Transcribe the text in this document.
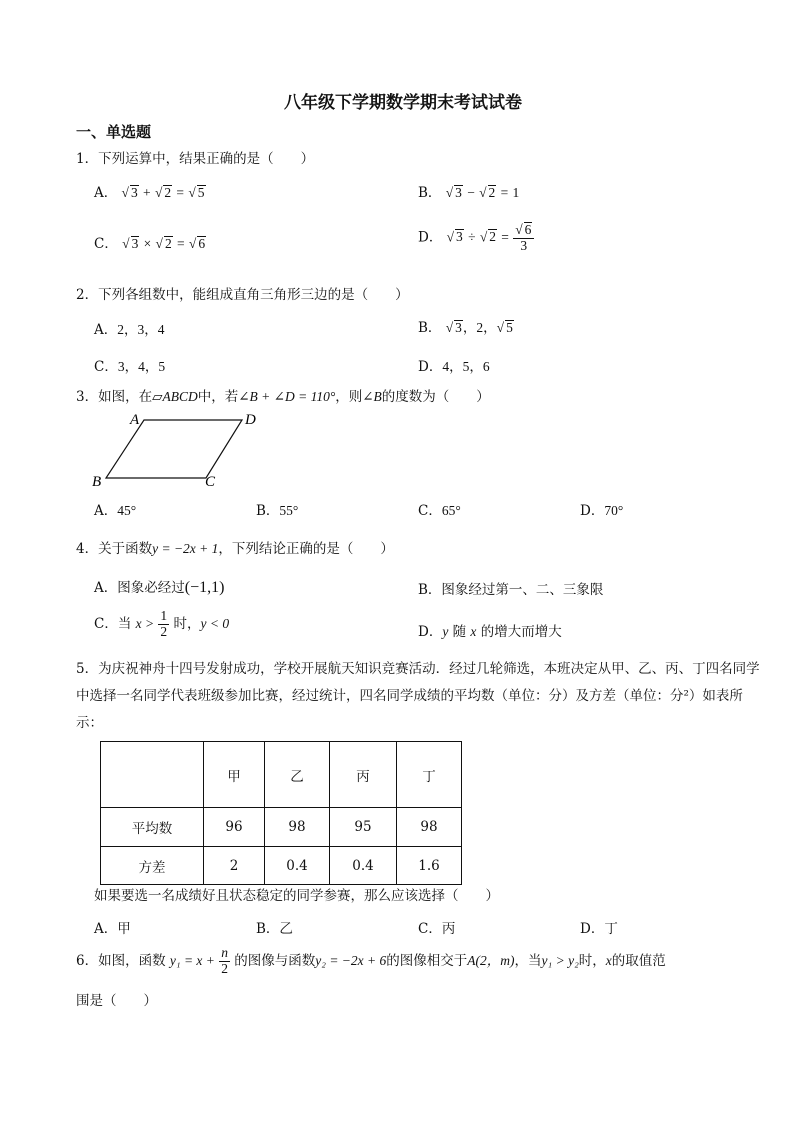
八年级下学期数学期末考试试卷
一、单选题
1．下列运算中，结果正确的是（　　）
A． √ 3 + √ 2 = √ 5	B． √ 3 − √ 2 = 1
C． √ 3 × √ 2 = √ 6	D． √ 3 ÷ √ $2 = \frac{√ 6}{3}$
2．下列各组数中，能组成直角三角形三边的是（　　）
A．2，3，4	B． √ 3，2，√ 5
C．3，4，5	D．4，5，6
3．如图，在▱ABCD中，若∠B + ∠D = 110°，则∠B的度数为（　　）
A	D
B	C
A．45°	B．55°	C．65°	D．70°
4．关于函数y = −2x + 1，下列结论正确的是（　　）
A．图象必经过(−1,1)	B．图象经过第一、二、三象限
C．当 $x > \frac{1}{2}$ 时，y < 0
D．y 随 x 的增大而增大
5．为庆祝神舟十四号发射成功，学校开展航天知识竞赛活动．经过几轮筛选，本班决定从甲、乙、丙、丁四名同学中选择一名同学代表班级参加比赛，经过统计，四名同学成绩的平均数（单位：分）及方差（单位：分²）如表所示：
	甲	乙	丙	丁
平均数	96	98	95	98
方差	2	0.4	0.4	1.6
如果要选一名成绩好且状态稳定的同学参赛，那么应该选择（　　）
A．甲	B．乙	C．丙	D．丁
6．如图，函数 $y_1 = x + \frac{n}{2}$ 的图像与函数y₂ = −2x + 6的图像相交于A(2，m)，当y₁ > y₂时，x的取值范
围是（　　）
